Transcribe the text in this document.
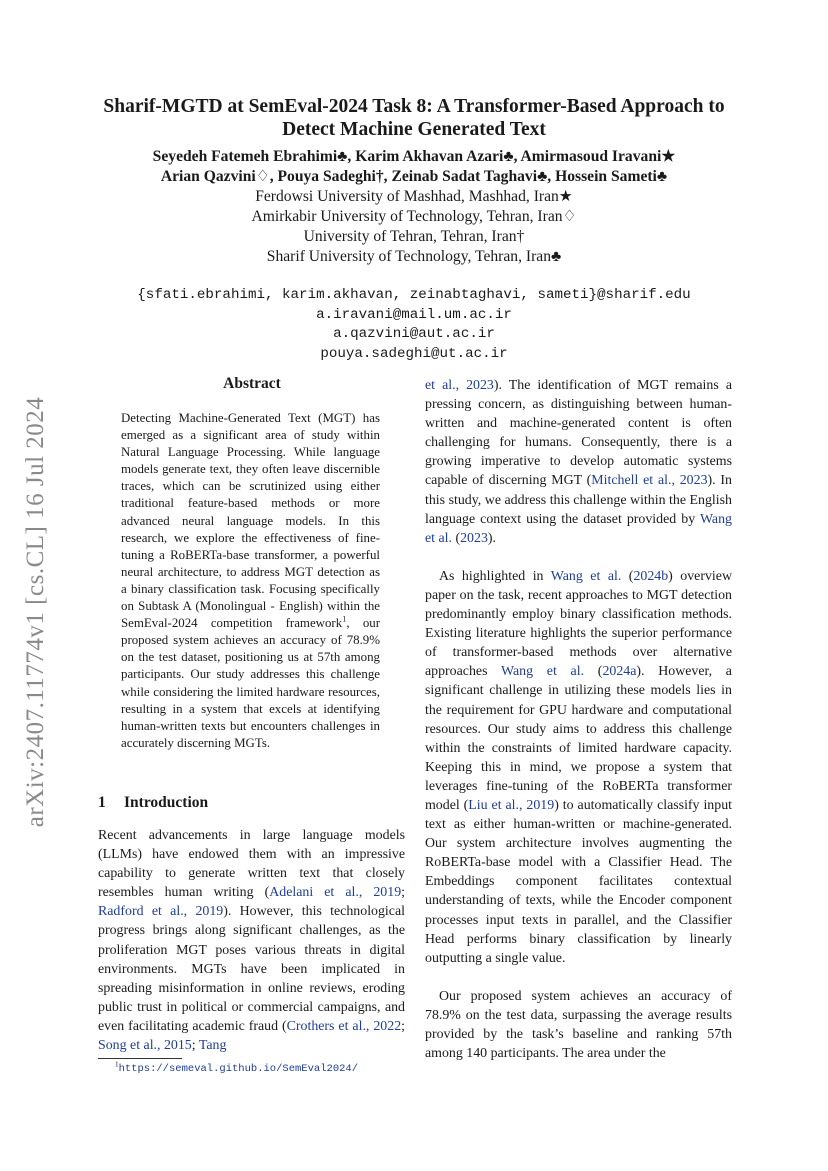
arXiv:2407.11774v1 [cs.CL] 16 Jul 2024
Sharif-MGTD at SemEval-2024 Task 8: A Transformer-Based Approach to
Detect Machine Generated Text
Seyedeh Fatemeh Ebrahimi♣, Karim Akhavan Azari♣, Amirmasoud Iravani★
Arian Qazvini♢, Pouya Sadeghi†, Zeinab Sadat Taghavi♣, Hossein Sameti♣
Ferdowsi University of Mashhad, Mashhad, Iran★
Amirkabir University of Technology, Tehran, Iran♢
University of Tehran, Tehran, Iran†
Sharif University of Technology, Tehran, Iran♣
{sfati.ebrahimi, karim.akhavan, zeinabtaghavi, sameti}@sharif.edu
a.iravani@mail.um.ac.ir
a.qazvini@aut.ac.ir
pouya.sadeghi@ut.ac.ir
Abstract
Detecting Machine-Generated Text (MGT) has emerged as a significant area of study within Natural Language Processing. While language models generate text, they often leave discernible traces, which can be scrutinized using either traditional feature-based methods or more advanced neural language models. In this research, we explore the effectiveness of fine-tuning a RoBERTa-base transformer, a powerful neural architecture, to address MGT detection as a binary classification task. Focusing specifically on Subtask A (Monolingual - English) within the SemEval-2024 competition framework$^1$, our proposed system achieves an accuracy of 78.9% on the test dataset, positioning us at 57th among participants. Our study addresses this challenge while considering the limited hardware resources, resulting in a system that excels at identifying human-written texts but encounters challenges in accurately discerning MGTs.
1 Introduction
Recent advancements in large language models (LLMs) have endowed them with an impressive capability to generate written text that closely resembles human writing (Adelani et al., 2019; Radford et al., 2019). However, this technological progress brings along significant challenges, as the proliferation MGT poses various threats in digital environments. MGTs have been implicated in spreading misinformation in online reviews, eroding public trust in political or commercial campaigns, and even facilitating academic fraud (Crothers et al., 2022; Song et al., 2015; Tang

et al., 2023). The identification of MGT remains a pressing concern, as distinguishing between human-written and machine-generated content is often challenging for humans. Consequently, there is a growing imperative to develop automatic systems capable of discerning MGT (Mitchell et al., 2023). In this study, we address this challenge within the English language context using the dataset provided by Wang et al. (2023).

As highlighted in Wang et al. (2024b) overview paper on the task, recent approaches to MGT detection predominantly employ binary classification methods. Existing literature highlights the superior performance of transformer-based methods over alternative approaches Wang et al. (2024a). However, a significant challenge in utilizing these models lies in the requirement for GPU hardware and computational resources. Our study aims to address this challenge within the constraints of limited hardware capacity. Keeping this in mind, we propose a system that leverages fine-tuning of the RoBERTa transformer model (Liu et al., 2019) to automatically classify input text as either human-written or machine-generated. Our system architecture involves augmenting the RoBERTa-base model with a Classifier Head. The Embeddings component facilitates contextual understanding of texts, while the Encoder component processes input texts in parallel, and the Classifier Head performs binary classification by linearly outputting a single value.

Our proposed system achieves an accuracy of 78.9% on the test data, surpassing the average results provided by the task’s baseline and ranking 57th among 140 participants. The area under the

$^1$https://semeval.github.io/SemEval2024/
